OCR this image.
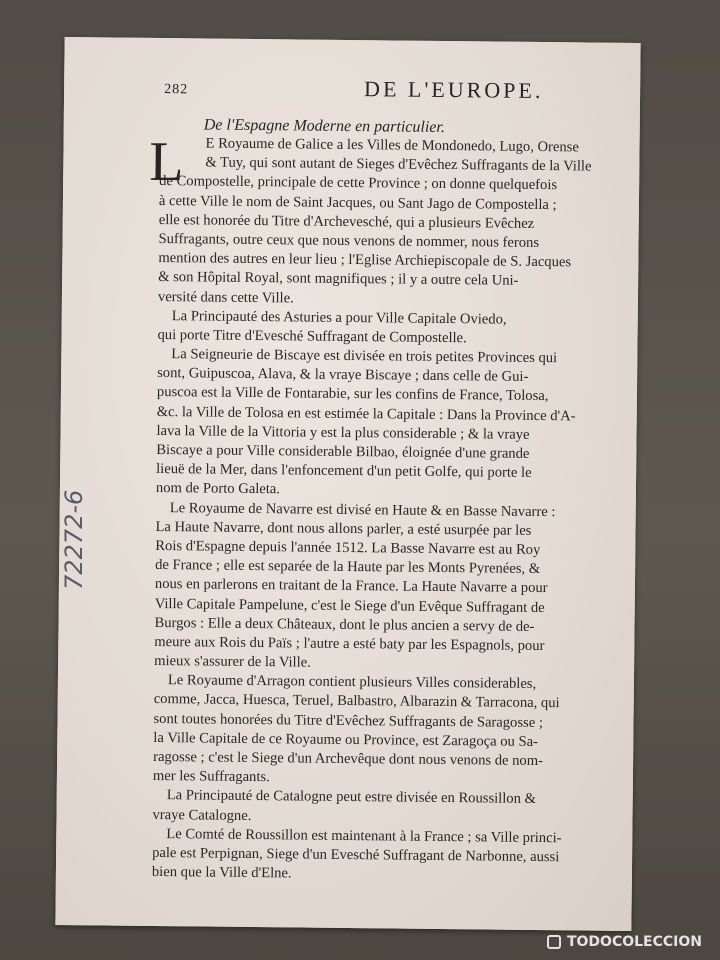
282	DE L'EUROPE.
De l'Espagne Moderne en particulier.
L	E Royaume de Galice a les Villes de Mondonedo, Lugo, Orense
& Tuy, qui sont autant de Sieges d'Evêchez Suffragants de la Ville
de Compostelle, principale de cette Province ; on donne quelquefois
à cette Ville le nom de Saint Jacques, ou Sant Jago de Compostella ;
elle est honorée du Titre d'Archevesché, qui a plusieurs Evêchez
Suffragants, outre ceux que nous venons de nommer, nous ferons
mention des autres en leur lieu ; l'Eglise Archiepiscopale de S. Jacques
& son Hôpital Royal, sont magnifiques ; il y a outre cela Uni-
versité dans cette Ville.
La Principauté des Asturies a pour Ville Capitale Oviedo,
qui porte Titre d'Evesché Suffragant de Compostelle.
La Seigneurie de Biscaye est divisée en trois petites Provinces qui
sont, Guipuscoa, Alava, & la vraye Biscaye ; dans celle de Gui-
puscoa est la Ville de Fontarabie, sur les confins de France, Tolosa,
&c. la Ville de Tolosa en est estimée la Capitale : Dans la Province d'A-
lava la Ville de la Vittoria y est la plus considerable ; & la vraye
Biscaye a pour Ville considerable Bilbao, éloignée d'une grande
lieuë de la Mer, dans l'enfoncement d'un petit Golfe, qui porte le
nom de Porto Galeta.
Le Royaume de Navarre est divisé en Haute & en Basse Navarre :
La Haute Navarre, dont nous allons parler, a esté usurpée par les
Rois d'Espagne depuis l'année 1512. La Basse Navarre est au Roy
de France ; elle est separée de la Haute par les Monts Pyrenées, &
nous en parlerons en traitant de la France. La Haute Navarre a pour
Ville Capitale Pampelune, c'est le Siege d'un Evêque Suffragant de
Burgos : Elle a deux Châteaux, dont le plus ancien a servy de de-
meure aux Rois du Païs ; l'autre a esté baty par les Espagnols, pour
mieux s'assurer de la Ville.
Le Royaume d'Arragon contient plusieurs Villes considerables,
comme, Jacca, Huesca, Teruel, Balbastro, Albarazin & Tarracona, qui
sont toutes honorées du Titre d'Evêchez Suffragants de Saragosse ;
la Ville Capitale de ce Royaume ou Province, est Zaragoça ou Sa-
ragosse ; c'est le Siege d'un Archevêque dont nous venons de nom-
mer les Suffragants.
La Principauté de Catalogne peut estre divisée en Roussillon &
vraye Catalogne.
Le Comté de Roussillon est maintenant à la France ; sa Ville princi-
pale est Perpignan, Siege d'un Evesché Suffragant de Narbonne, aussi
bien que la Ville d'Elne.
72272-6
TODOCOLECCION
